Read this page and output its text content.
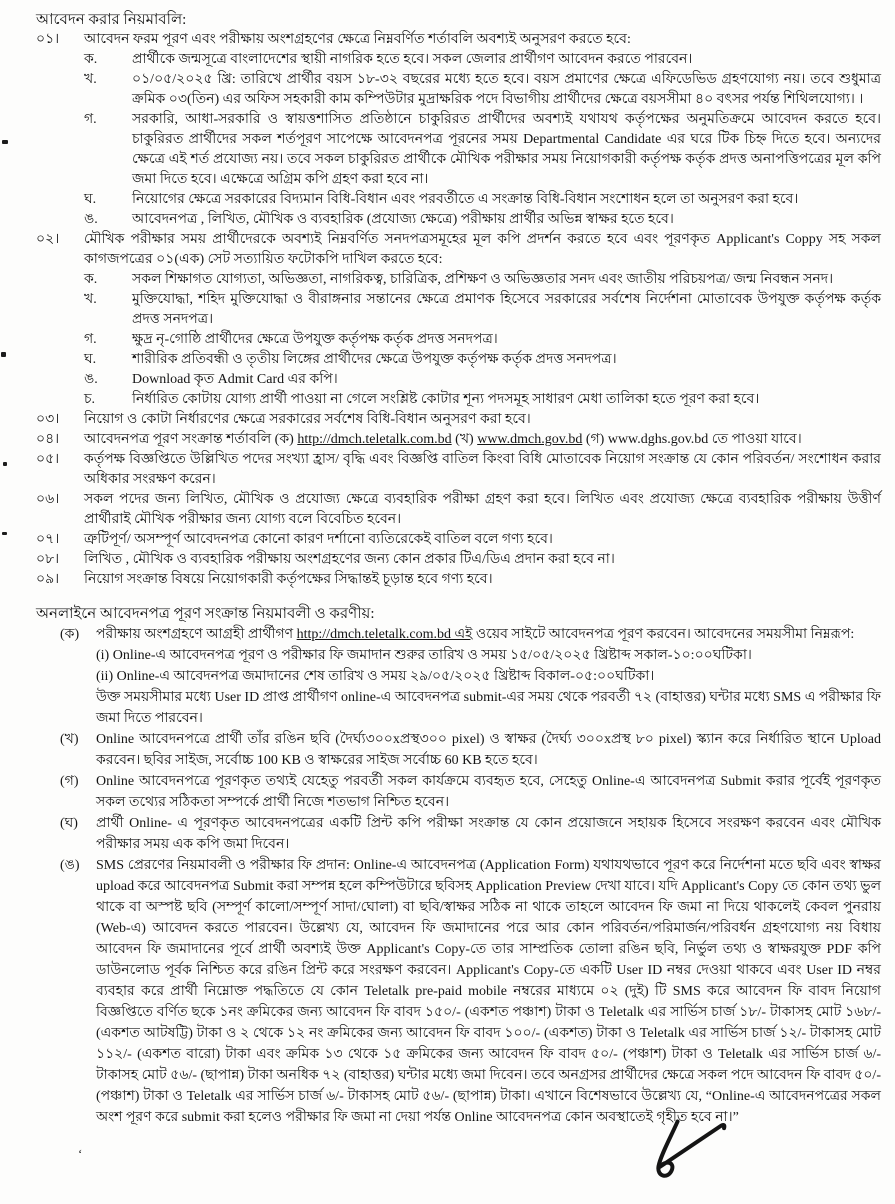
আবেদন করার নিয়মাবলি:
০১।	আবেদন ফরম পূরণ এবং পরীক্ষায় অংশগ্রহণের ক্ষেত্রে নিম্নবর্ণিত শর্তাবলি অবশ্যই অনুসরণ করতে হবে:
ক.	প্রার্থীকে জন্মসূত্রে বাংলাদেশের স্থায়ী নাগরিক হতে হবে। সকল জেলার প্রার্থীগণ আবেদন করতে পারবেন।
খ.	০১/০৫/২০২৫ খ্রি: তারিখে প্রার্থীর বয়স ১৮-৩২ বছরের মধ্যে হতে হবে। বয়স প্রমাণের ক্ষেত্রে এফিডেভিড গ্রহণযোগ্য নয়। তবে শুধুমাত্র ক্রমিক ০৩(তিন) এর অফিস সহকারী কাম কম্পিউটার মুদ্রাক্ষরিক পদে বিভাগীয় প্রার্থীদের ক্ষেত্রে বয়সসীমা ৪০ বৎসর পর্যন্ত শিথিলযোগ্য। ।
গ.	সরকারি, আধা-সরকারি ও স্বায়ত্তশাসিত প্রতিষ্ঠানে চাকুরিরত প্রার্থীদের অবশ্যই যথাযথ কর্তৃপক্ষের অনুমতিক্রমে আবেদন করতে হবে। চাকুরিরত প্রার্থীদের সকল শর্তপূরণ সাপেক্ষে আবেদনপত্র পূরনের সময় Departmental Candidate এর ঘরে টিক চিহ্ন দিতে হবে। অন্যদের ক্ষেত্রে এই শর্ত প্রযোজ্য নয়। তবে সকল চাকুরিরত প্রার্থীকে মৌখিক পরীক্ষার সময় নিয়োগকারী কর্তৃপক্ষ কর্তৃক প্রদত্ত অনাপত্তিপত্রের মূল কপি জমা দিতে হবে। এক্ষেত্রে অগ্রিম কপি গ্রহণ করা হবে না।
ঘ.	নিয়োগের ক্ষেত্রে সরকারের বিদ্যমান বিধি-বিধান এবং পরবর্তীতে এ সংক্রান্ত বিধি-বিধান সংশোধন হলে তা অনুসরণ করা হবে।
ঙ.	আবেদনপত্র , লিখিত, মৌখিক ও ব্যবহারিক (প্রযোজ্য ক্ষেত্রে) পরীক্ষায় প্রার্থীর অভিন্ন স্বাক্ষর হতে হবে।
০২।	মৌখিক পরীক্ষার সময় প্রার্থীদেরকে অবশ্যই নিম্নবর্ণিত সনদপত্রসমূহের মূল কপি প্রদর্শন করতে হবে এবং পূরণকৃত Applicant's Coppy সহ সকল কাগজপত্রের ০১(এক) সেট সত্যায়িত ফটোকপি দাখিল করতে হবে:
ক.	সকল শিক্ষাগত যোগ্যতা, অভিজ্ঞতা, নাগরিকত্ব, চারিত্রিক, প্রশিক্ষণ ও অভিজ্ঞতার সনদ এবং জাতীয় পরিচয়পত্র/ জন্ম নিবন্ধন সনদ।
খ.	মুক্তিযোদ্ধা, শহিদ মুক্তিযোদ্ধা ও বীরাঙ্গনার সন্তানের ক্ষেত্রে প্রমাণক হিসেবে সরকারের সর্বশেষ নির্দেশনা মোতাবেক উপযুক্ত কর্তৃপক্ষ কর্তৃক প্রদত্ত সনদপত্র।
গ.	ক্ষুদ্র নৃ-গোষ্ঠি প্রার্থীদের ক্ষেত্রে উপযুক্ত কর্তৃপক্ষ কর্তৃক প্রদত্ত সনদপত্র।
ঘ.	শারীরিক প্রতিবন্ধী ও তৃতীয় লিঙ্গের প্রার্থীদের ক্ষেত্রে উপযুক্ত কর্তৃপক্ষ কর্তৃক প্রদত্ত সনদপত্র।
ঙ.	Download কৃত Admit Card এর কপি।
চ.	নির্ধারিত কোটায় যোগ্য প্রার্থী পাওয়া না গেলে সংশ্লিষ্ট কোটার শূন্য পদসমূহ সাধারণ মেধা তালিকা হতে পূরণ করা হবে।
০৩।	নিয়োগ ও কোটা নির্ধারণের ক্ষেত্রে সরকারের সর্বশেষ বিধি-বিধান অনুসরণ করা হবে।
০৪।	আবেদনপত্র পূরণ সংক্রান্ত শর্তাবলি (ক) http://dmch.teletalk.com.bd (খ) www.dmch.gov.bd (গ) www.dghs.gov.bd তে পাওয়া যাবে।
০৫।	কর্তৃপক্ষ বিজ্ঞপ্তিতে উল্লিখিত পদের সংখ্যা হ্রাস/ বৃদ্ধি এবং বিজ্ঞপ্তি বাতিল কিংবা বিধি মোতাবেক নিয়োগ সংক্রান্ত যে কোন পরিবর্তন/ সংশোধন করার অধিকার সংরক্ষণ করেন।
০৬।	সকল পদের জন্য লিখিত, মৌখিক ও প্রযোজ্য ক্ষেত্রে ব্যবহারিক পরীক্ষা গ্রহণ করা হবে। লিখিত এবং প্রযোজ্য ক্ষেত্রে ব্যবহারিক পরীক্ষায় উত্তীর্ণ প্রার্থীরাই মৌখিক পরীক্ষার জন্য যোগ্য বলে বিবেচিত হবেন।
০৭।	ত্রুটিপূর্ণ/ অসম্পূর্ণ আবেদনপত্র কোনো কারণ দর্শানো ব্যতিরেকেই বাতিল বলে গণ্য হবে।
০৮।	লিখিত , মৌখিক ও ব্যবহারিক পরীক্ষায় অংশগ্রহণের জন্য কোন প্রকার টিএ/ডিএ প্রদান করা হবে না।
০৯।	নিয়োগ সংক্রান্ত বিষয়ে নিয়োগকারী কর্তৃপক্ষের সিদ্ধান্তই চূড়ান্ত হবে গণ্য হবে।
অনলাইনে আবেদনপত্র পূরণ সংক্রান্ত নিয়মাবলী ও করণীয়:
(ক)	পরীক্ষায় অংশগ্রহণে আগ্রহী প্রার্থীগণ http://dmch.teletalk.com.bd এই ওয়েব সাইটে আবেদনপত্র পূরণ করবেন। আবেদনের সময়সীমা নিম্নরূপ:
(i) Online-এ আবেদনপত্র পূরণ ও পরীক্ষার ফি জমাদান শুরুর তারিখ ও সময় ১৫/০৫/২০২৫ খ্রিষ্টাব্দ সকাল-১০:০০ঘটিকা।
(ii) Online-এ আবেদনপত্র জমাদানের শেষ তারিখ ও সময় ২৯/০৫/২০২৫ খ্রিষ্টাব্দ বিকাল-০৫:০০ঘটিকা।
উক্ত সময়সীমার মধ্যে User ID প্রাপ্ত প্রার্থীগণ online-এ আবেদনপত্র submit-এর সময় থেকে পরবর্তী ৭২ (বাহাত্তর) ঘন্টার মধ্যে SMS এ পরীক্ষার ফি জমা দিতে পারবেন।
(খ)	Online আবেদনপত্রে প্রার্থী তাঁর রঙিন ছবি (দৈর্ঘ্য৩০০xপ্রস্থ৩০০ pixel) ও স্বাক্ষর (দৈর্ঘ্য ৩০০xপ্রস্থ ৮০ pixel) স্ক্যান করে নির্ধারিত স্থানে Upload করবেন। ছবির সাইজ, সর্বোচ্চ 100 KB ও স্বাক্ষরের সাইজ সর্বোচ্চ 60 KB হতে হবে।
(গ)	Online আবেদনপত্রে পূরণকৃত তথ্যই যেহেতু পরবর্তী সকল কার্যক্রমে ব্যবহৃত হবে, সেহেতু Online-এ আবেদনপত্র Submit করার পূর্বেই পূরণকৃত সকল তথ্যের সঠিকতা সম্পর্কে প্রার্থী নিজে শতভাগ নিশ্চিত হবেন।
(ঘ)	প্রার্থী Online- এ পূরণকৃত আবেদনপত্রের একটি প্রিন্ট কপি পরীক্ষা সংক্রান্ত যে কোন প্রয়োজনে সহায়ক হিসেবে সংরক্ষণ করবেন এবং মৌখিক পরীক্ষার সময় এক কপি জমা দিবেন।
(ঙ)	SMS প্রেরণের নিয়মাবলী ও পরীক্ষার ফি প্রদান: Online-এ আবেদনপত্র (Application Form) যথাযথভাবে পূরণ করে নির্দেশনা মতে ছবি এবং স্বাক্ষর upload করে আবেদনপত্র Submit করা সম্পন্ন হলে কম্পিউটারে ছবিসহ Application Preview দেখা যাবে। যদি Applicant's Copy তে কোন তথ্য ভুল থাকে বা অস্পষ্ট ছবি (সম্পূর্ণ কালো/সম্পূর্ণ সাদা/ঘোলা) বা ছবি/স্বাক্ষর সঠিক না থাকে তাহলে আবেদন ফি জমা না দিয়ে থাকলেই কেবল পুনরায় (Web-এ) আবেদন করতে পারবেন। উল্লেখ্য যে, আবেদন ফি জমাদানের পরে আর কোন পরিবর্তন/পরিমার্জন/পরিবর্ধন গ্রহণযোগ্য নয় বিধায় আবেদন ফি জমাদানের পূর্বে প্রার্থী অবশ্যই উক্ত Applicant's Copy-তে তার সাম্প্রতিক তোলা রঙিন ছবি, নির্ভুল তথ্য ও স্বাক্ষরযুক্ত PDF কপি ডাউনলোড পূর্বক নিশ্চিত করে রঙিন প্রিন্ট করে সংরক্ষণ করবেন। Applicant's Copy-তে একটি User ID নম্বর দেওয়া থাকবে এবং User ID নম্বর ব্যবহার করে প্রার্থী নিম্নোক্ত পদ্ধতিতে যে কোন Teletalk pre-paid mobile নম্বরের মাধ্যমে ০২ (দুই) টি SMS করে আবেদন ফি বাবদ নিয়োগ বিজ্ঞপ্তিতে বর্ণিত ছকে ১নং ক্রমিকের জন্য আবেদন ফি বাবদ ১৫০/- (একশত পঞ্চাশ) টাকা ও Teletalk এর সার্ভিস চার্জ ১৮/- টাকাসহ মোট ১৬৮/- (একশত আটষট্টি) টাকা ও ২ থেকে ১২ নং ক্রমিকের জন্য আবেদন ফি বাবদ ১০০/- (একশত) টাকা ও Teletalk এর সার্ভিস চার্জ ১২/- টাকাসহ মোট ১১২/- (একশত বারো) টাকা এবং ক্রমিক ১৩ থেকে ১৫ ক্রমিকের জন্য আবেদন ফি বাবদ ৫০/- (পঞ্চাশ) টাকা ও Teletalk এর সার্ভিস চার্জ ৬/- টাকাসহ মোট ৫৬/- (ছাপান্ন) টাকা অনধিক ৭২ (বাহাত্তর) ঘন্টার মধ্যে জমা দিবেন। তবে অনগ্রসর প্রার্থীদের ক্ষেত্রে সকল পদে আবেদন ফি বাবদ ৫০/- (পঞ্চাশ) টাকা ও Teletalk এর সার্ভিস চার্জ ৬/- টাকাসহ মোট ৫৬/- (ছাপান্ন) টাকা। এখানে বিশেষভাবে উল্লেখ্য যে, “Online-এ আবেদনপত্রের সকল অংশ পূরণ করে submit করা হলেও পরীক্ষার ফি জমা না দেয়া পর্যন্ত Online আবেদনপত্র কোন অবস্থাতেই গৃহীত হবে না।”
‘
